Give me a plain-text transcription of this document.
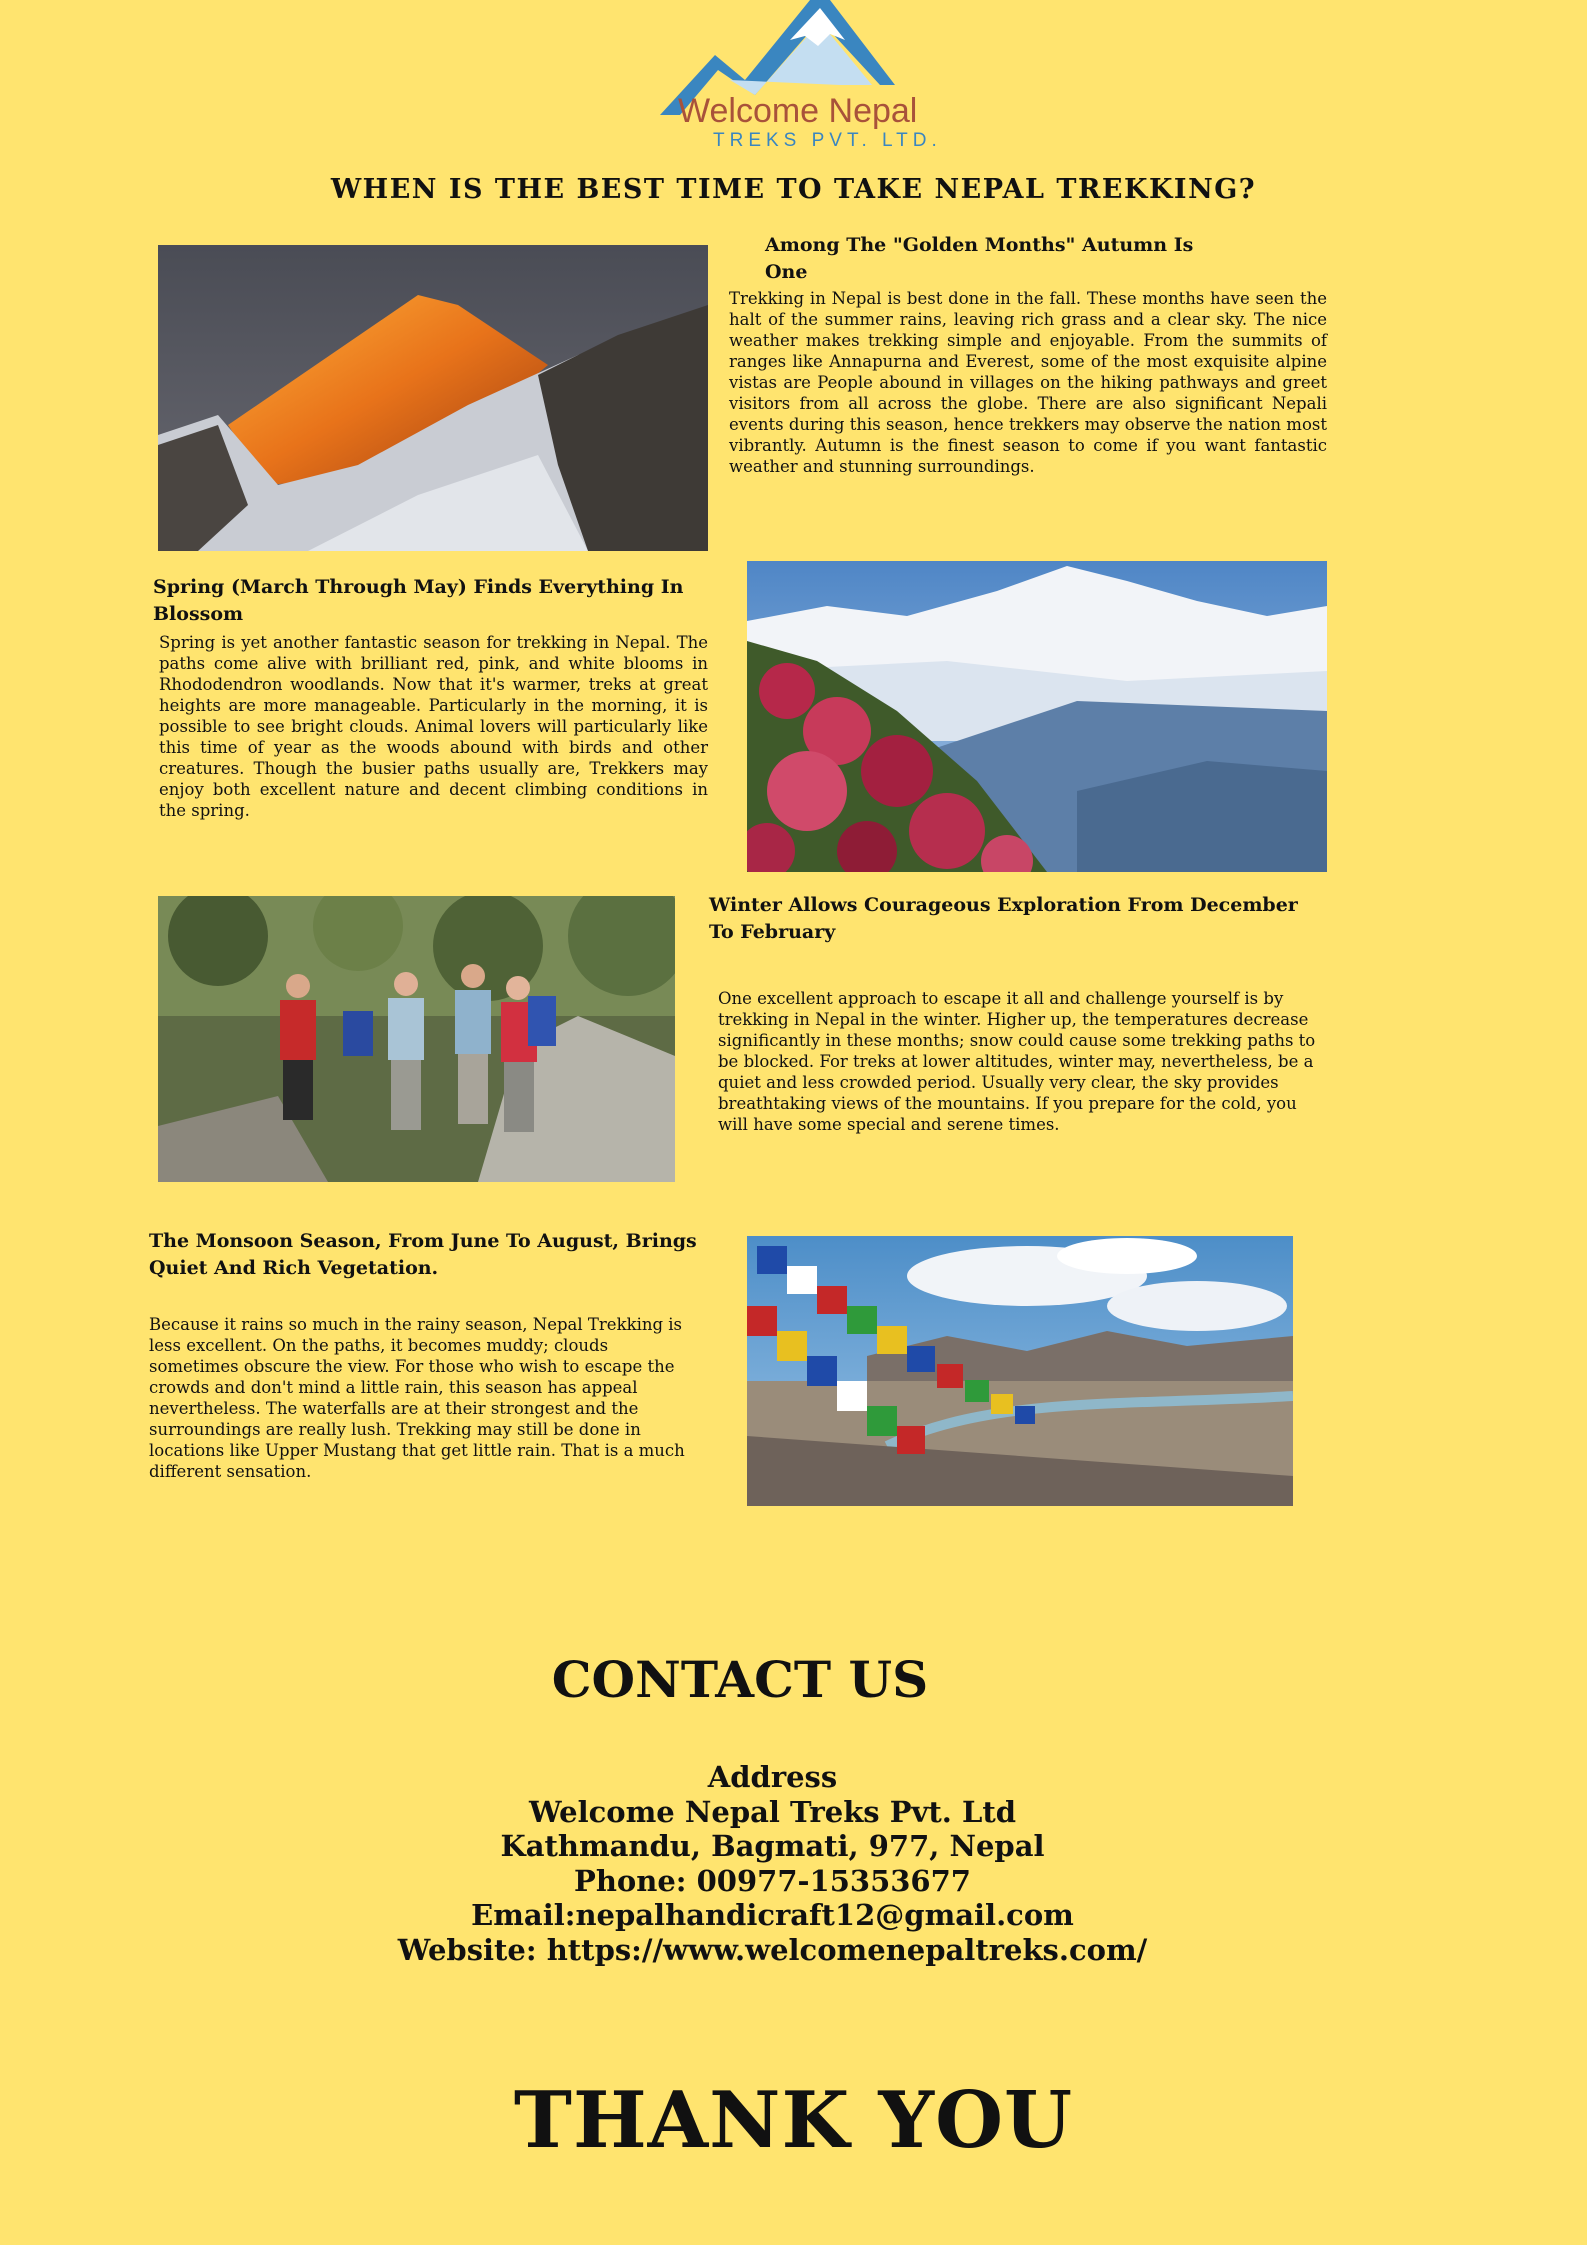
Welcome Nepal
TREKS PVT. LTD.
WHEN IS THE BEST TIME TO TAKE NEPAL TREKKING?
Among The "Golden Months" Autumn Is One

Trekking in Nepal is best done in the fall. These months have seen the halt of the summer rains, leaving rich grass and a clear sky. The nice weather makes trekking simple and enjoyable. From the summits of ranges like Annapurna and Everest, some of the most exquisite alpine vistas are People abound in villages on the hiking pathways and greet visitors from all across the globe. There are also significant Nepali events during this season, hence trekkers may observe the nation most vibrantly. Autumn is the finest season to come if you want fantastic weather and stunning surroundings.

Spring (March Through May) Finds Everything In Blossom

Spring is yet another fantastic season for trekking in Nepal. The paths come alive with brilliant red, pink, and white blooms in Rhododendron woodlands. Now that it's warmer, treks at great heights are more manageable. Particularly in the morning, it is possible to see bright clouds. Animal lovers will particularly like this time of year as the woods abound with birds and other creatures. Though the busier paths usually are, Trekkers may enjoy both excellent nature and decent climbing conditions in the spring.

Winter Allows Courageous Exploration From December To February

One excellent approach to escape it all and challenge yourself is by trekking in Nepal in the winter. Higher up, the temperatures decrease significantly in these months; snow could cause some trekking paths to be blocked. For treks at lower altitudes, winter may, nevertheless, be a quiet and less crowded period. Usually very clear, the sky provides breathtaking views of the mountains. If you prepare for the cold, you will have some special and serene times.

The Monsoon Season, From June To August, Brings Quiet And Rich Vegetation.

Because it rains so much in the rainy season, Nepal Trekking is less excellent. On the paths, it becomes muddy; clouds sometimes obscure the view. For those who wish to escape the crowds and don't mind a little rain, this season has appeal nevertheless. The waterfalls are at their strongest and the surroundings are really lush. Trekking may still be done in locations like Upper Mustang that get little rain. That is a much different sensation.

CONTACT US
Address
Welcome Nepal Treks Pvt. Ltd
Kathmandu, Bagmati, 977, Nepal
Phone: 00977-15353677
Email:nepalhandicraft12@gmail.com
Website: https://www.welcomenepaltreks.com/
THANK YOU
